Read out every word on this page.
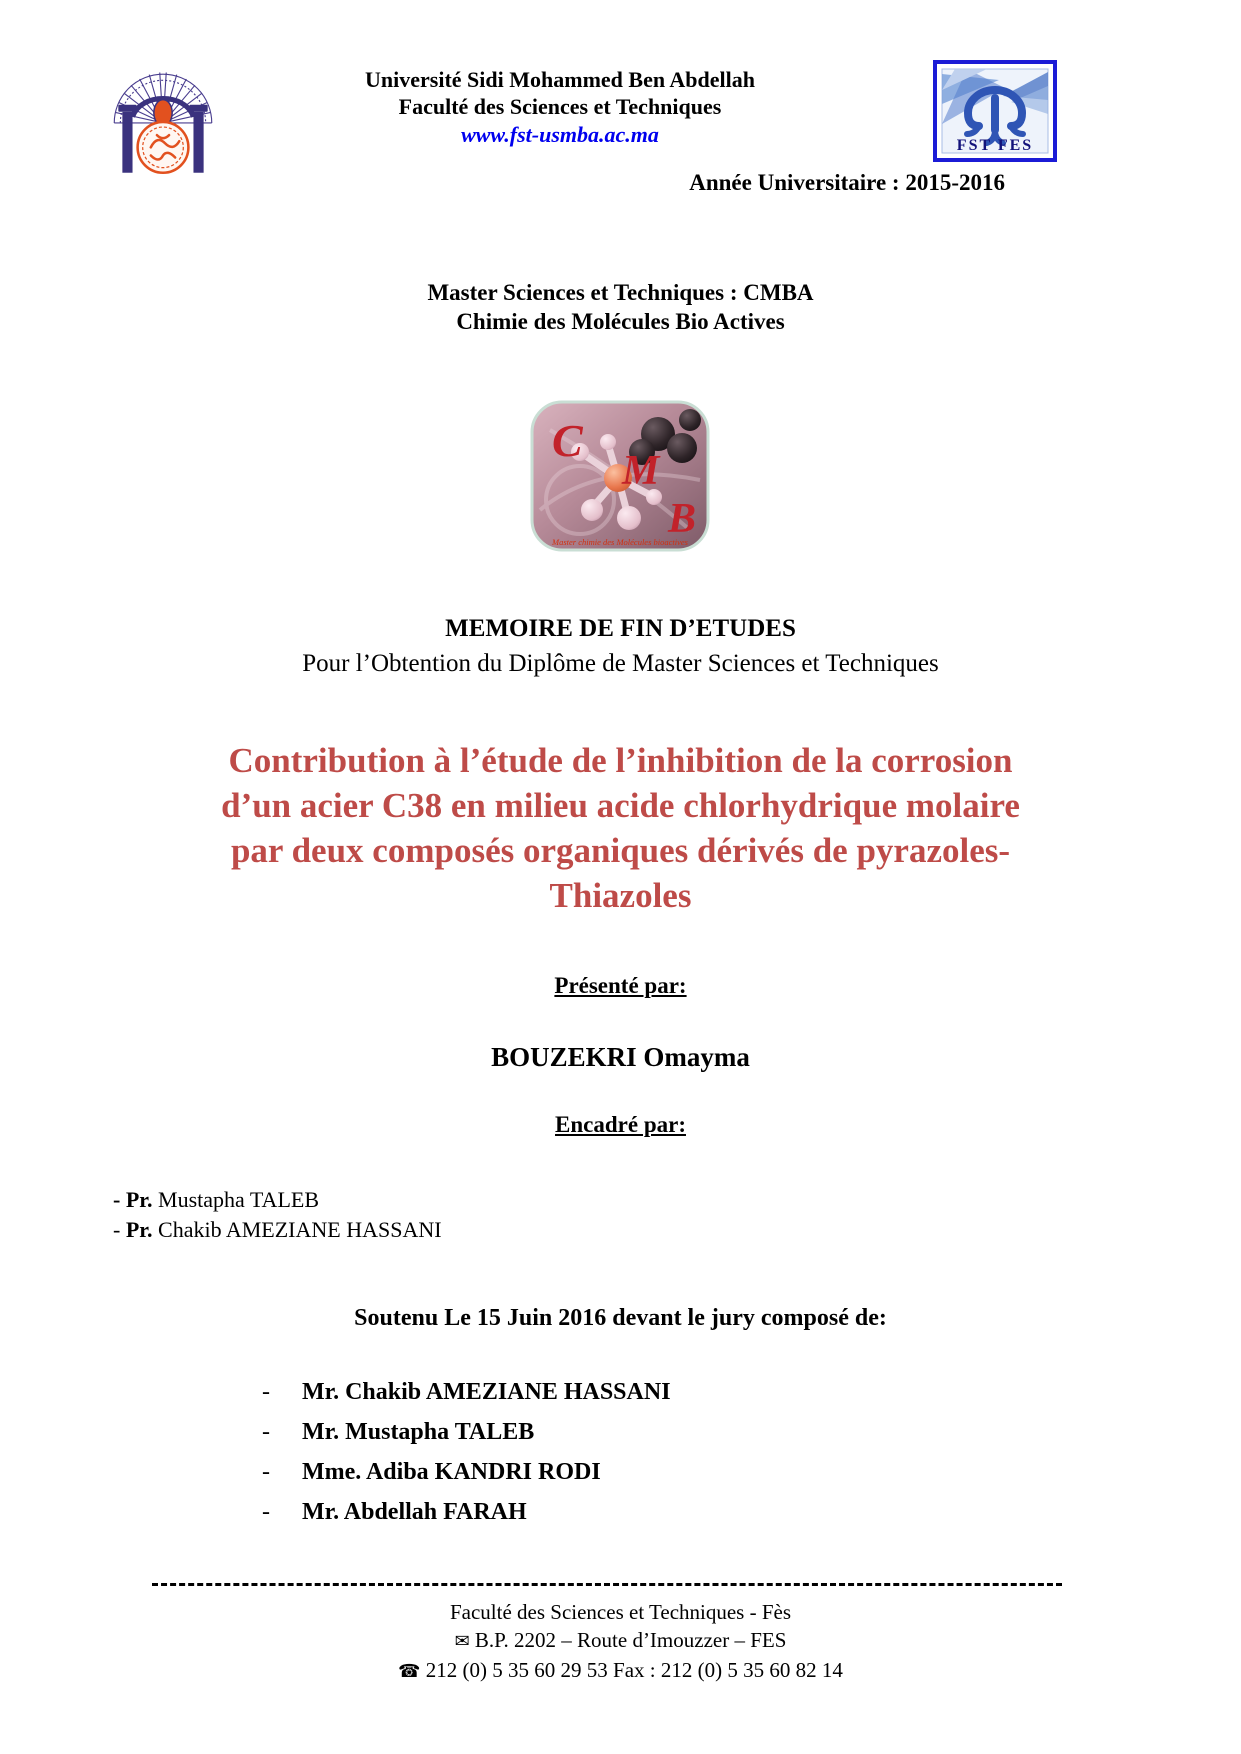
Université Sidi Mohammed Ben Abdellah
Faculté des Sciences et Techniques
www.fst-usmba.ac.ma	FST FES
Année Universitaire : 2015-2016
Master Sciences et Techniques : CMBA
Chimie des Molécules Bio Actives
C
M
B
Master chimie des Molécules bioactives
MEMOIRE DE FIN D’ETUDES
Pour l’Obtention du Diplôme de Master Sciences et Techniques
Contribution à l’étude de l’inhibition de la corrosion
d’un acier C38 en milieu acide chlorhydrique molaire
par deux composés organiques dérivés de pyrazoles-
Thiazoles
Présenté par:
BOUZEKRI Omayma
Encadré par:
- Pr. Mustapha TALEB
- Pr. Chakib AMEZIANE HASSANI
Soutenu Le 15 Juin 2016 devant le jury composé de:
- Mr. Chakib AMEZIANE HASSANI
- Mr. Mustapha TALEB
- Mme. Adiba KANDRI RODI
- Mr. Abdellah FARAH
Faculté des Sciences et Techniques - Fès
✉ B.P. 2202 – Route d’Imouzzer – FES
☎ 212 (0) 5 35 60 29 53 Fax : 212 (0) 5 35 60 82 14
